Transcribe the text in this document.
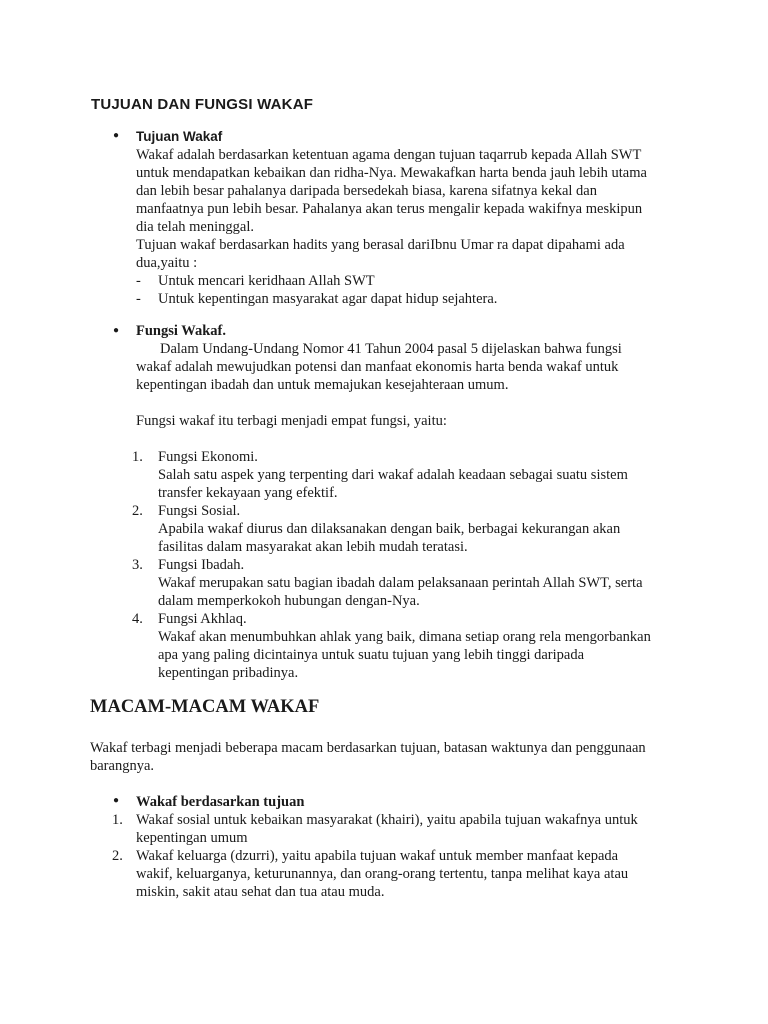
TUJUAN DAN FUNGSI WAKAF
● Tujuan Wakaf

Wakaf adalah berdasarkan ketentuan agama dengan tujuan taqarrub kepada Allah SWT

untuk mendapatkan kebaikan dan ridha-Nya. Mewakafkan harta benda jauh lebih utama

dan lebih besar pahalanya daripada bersedekah biasa, karena sifatnya kekal dan

manfaatnya pun lebih besar. Pahalanya akan terus mengalir kepada wakifnya meskipun

dia telah meninggal.

Tujuan wakaf berdasarkan hadits yang berasal dariIbnu Umar ra dapat dipahami ada

dua,yaitu :

- Untuk mencari keridhaan Allah SWT

- Untuk kepentingan masyarakat agar dapat hidup sejahtera.

● Fungsi Wakaf.

Dalam Undang-Undang Nomor 41 Tahun 2004 pasal 5 dijelaskan bahwa fungsi

wakaf adalah mewujudkan potensi dan manfaat ekonomis harta benda wakaf untuk

kepentingan ibadah dan untuk memajukan kesejahteraan umum.

Fungsi wakaf itu terbagi menjadi empat fungsi, yaitu:

1. Fungsi Ekonomi.

Salah satu aspek yang terpenting dari wakaf adalah keadaan sebagai suatu sistem

transfer kekayaan yang efektif.

2. Fungsi Sosial.

Apabila wakaf diurus dan dilaksanakan dengan baik, berbagai kekurangan akan

fasilitas dalam masyarakat akan lebih mudah teratasi.

3. Fungsi Ibadah.

Wakaf merupakan satu bagian ibadah dalam pelaksanaan perintah Allah SWT, serta

dalam memperkokoh hubungan dengan-Nya.

4. Fungsi Akhlaq.

Wakaf akan menumbuhkan ahlak yang baik, dimana setiap orang rela mengorbankan

apa yang paling dicintainya untuk suatu tujuan yang lebih tinggi daripada

kepentingan pribadinya.

MACAM-MACAM WAKAF

Wakaf terbagi menjadi beberapa macam berdasarkan tujuan, batasan waktunya dan penggunaan

barangnya.

● Wakaf berdasarkan tujuan

1. Wakaf sosial untuk kebaikan masyarakat (khairi), yaitu apabila tujuan wakafnya untuk

kepentingan umum

2. Wakaf keluarga (dzurri), yaitu apabila tujuan wakaf untuk member manfaat kepada

wakif, keluarganya, keturunannya, dan orang-orang tertentu, tanpa melihat kaya atau

miskin, sakit atau sehat dan tua atau muda.
